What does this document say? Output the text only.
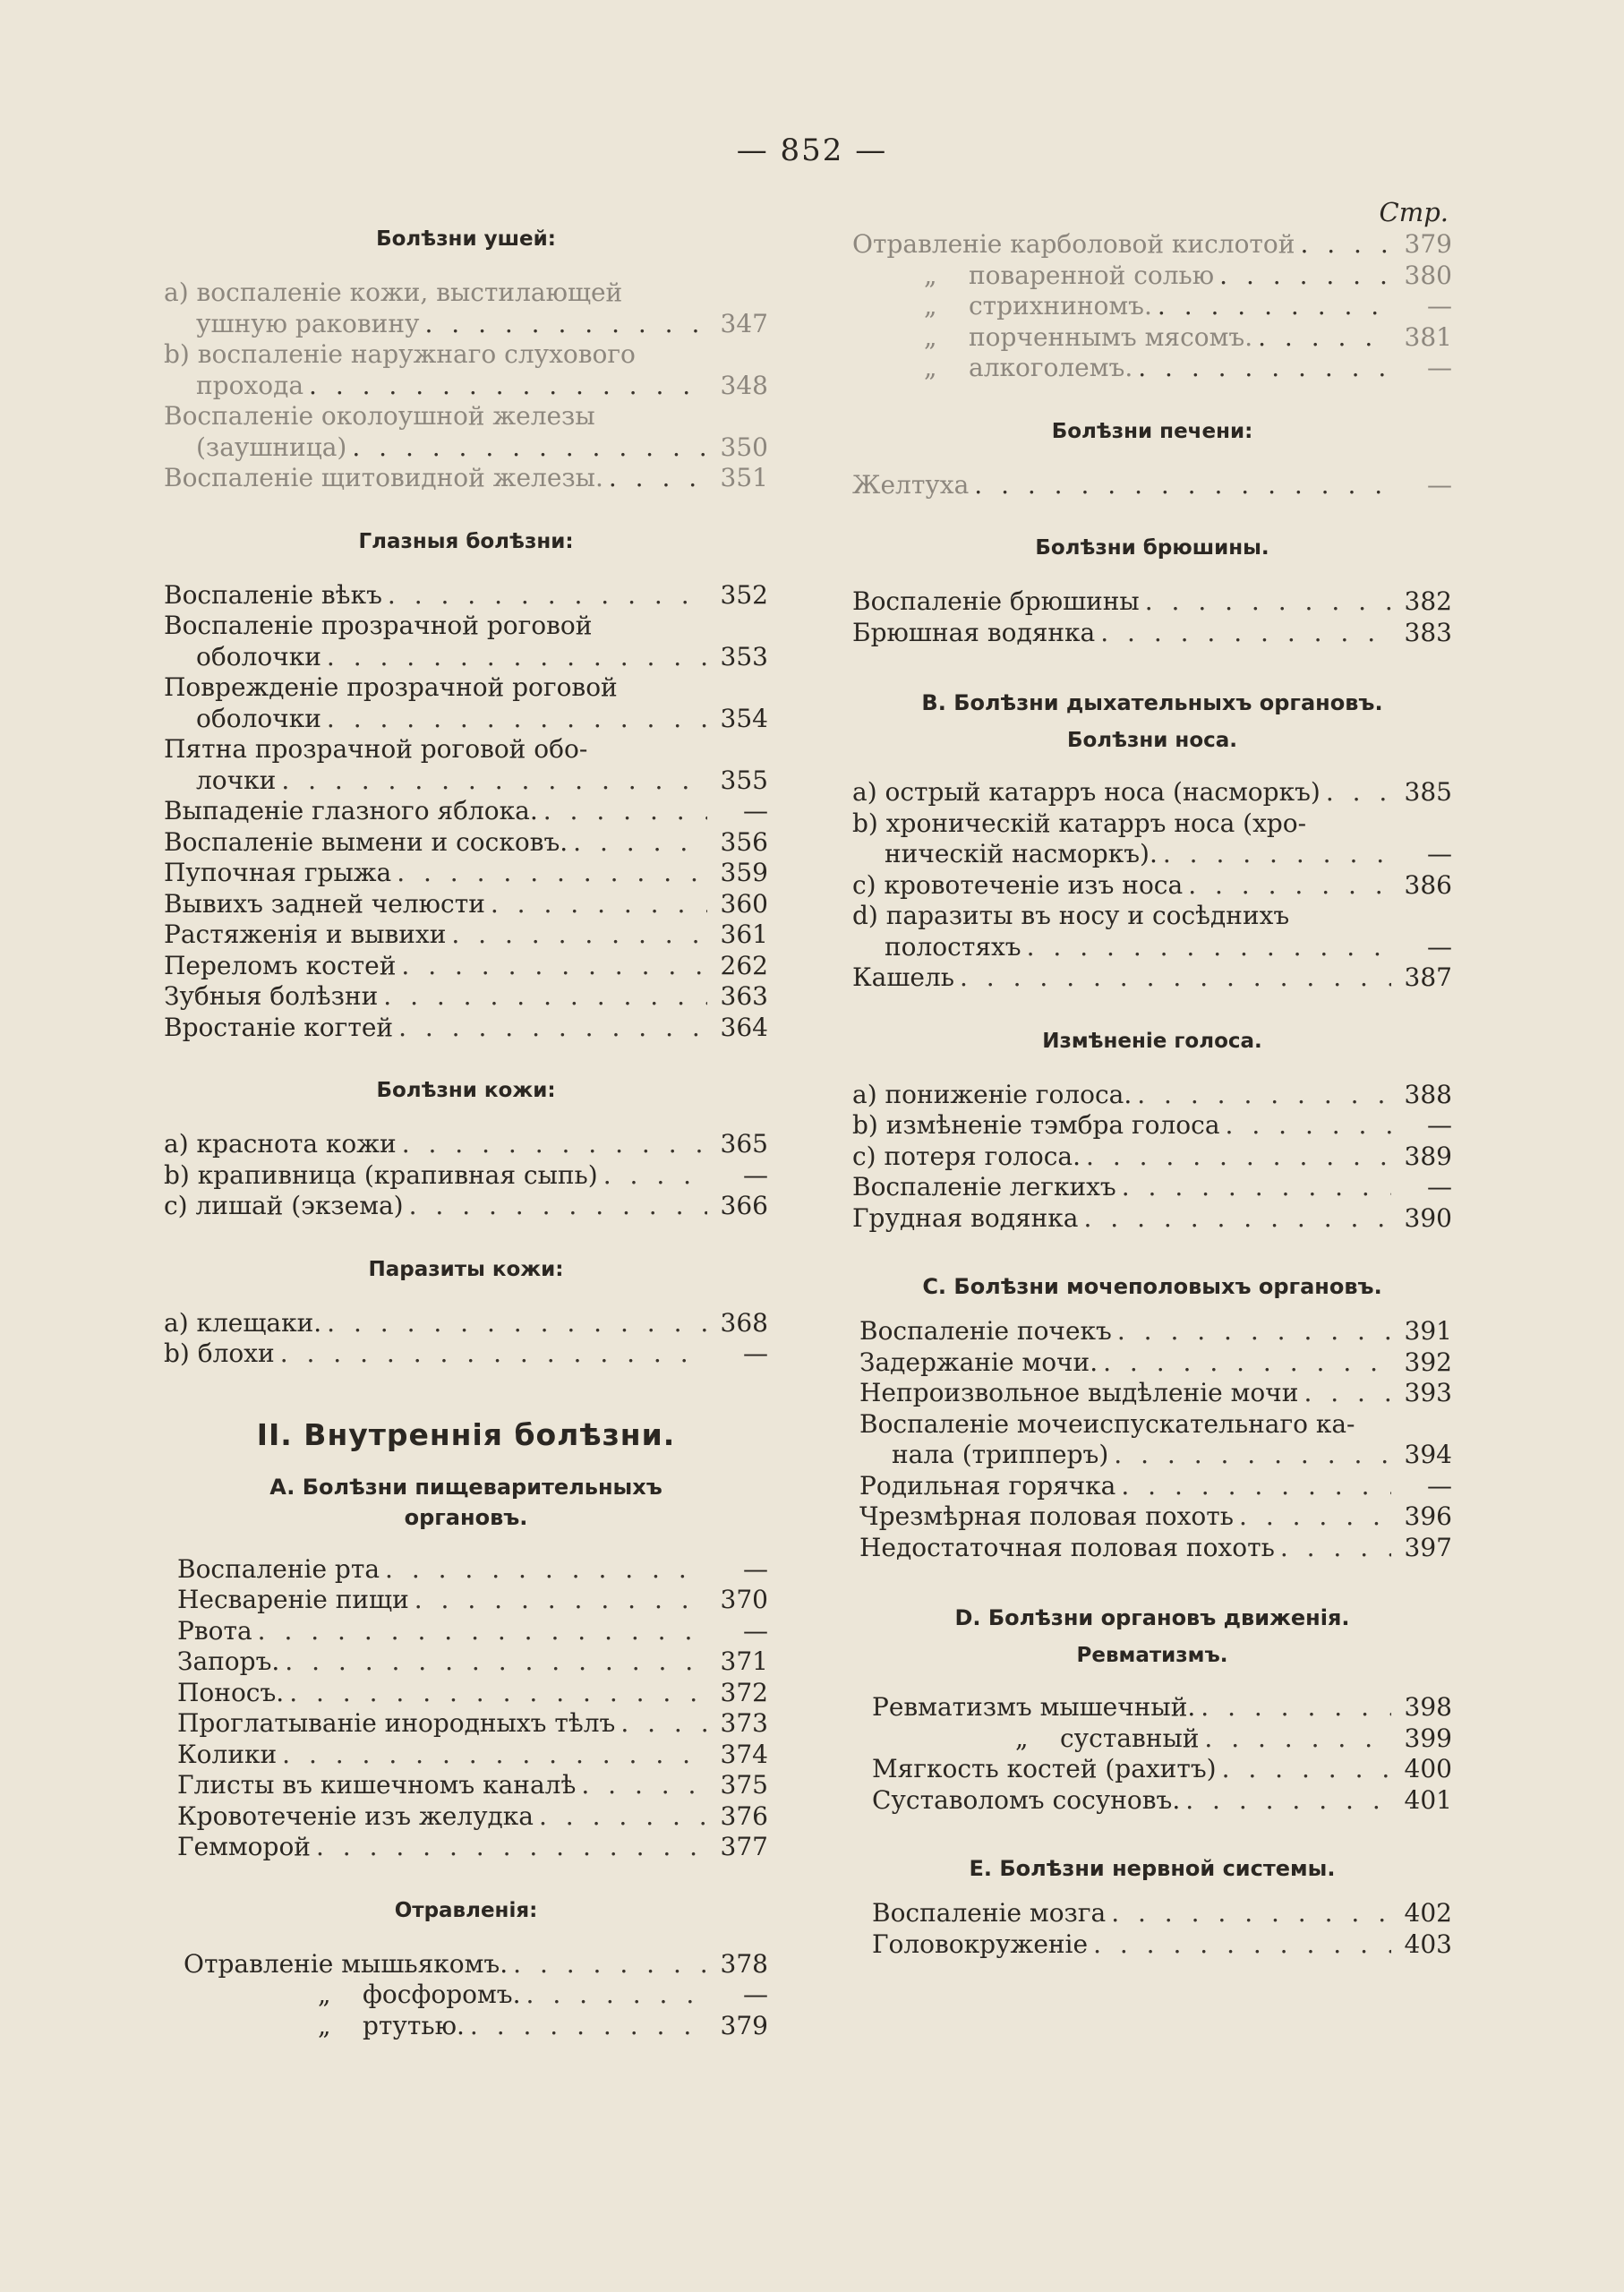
— 852 —
Болѣзни ушей:
a) воспаленіе кожи, выстилающей
ушную раковину . . .	347
b) воспаленіе наружнаго слухового
прохода . . .	348
Воспаленіе околоушной железы
(заушница) . . .	350
Воспаленіе щитовидной железы. . . .	351
Глазныя болѣзни:
Воспаленіе вѣкъ . . .	352
Воспаленіе прозрачной роговой
оболочки . . .	353
Поврежденіе прозрачной роговой
оболочки . . .	354
Пятна прозрачной роговой обо-
лочки . . .	355
Выпаденіе глазного яблока. . . .	—
Воспаленіе вымени и сосковъ. . . .	356
Пупочная грыжа . . .	359
Вывихъ задней челюсти . . .	360
Растяженія и вывихи . . .	361
Переломъ костей . . .	262
Зубныя болѣзни . . .	363
Вростаніе когтей . . .	364
Болѣзни кожи:
a) краснота кожи . . .	365
b) крапивница (крапивная сыпь) . . .	—
c) лишай (экзема) . . .	366
Паразиты кожи:
a) клещаки. . . .	368
b) блохи . . .	—
II. Внутреннія болѣзни.
A. Болѣзни пищеварительныхъ
органовъ.
Воспаленіе рта . . .	—
Несвареніе пищи . . .	370
Рвота . . .	—
Запоръ. . . .	371
Поносъ. . . .	372
Проглатываніе инородныхъ тѣлъ . . .	373
Колики . . .	374
Глисты въ кишечномъ каналѣ . . .	375
Кровотеченіе изъ желудка . . .	376
Гемморой . . .	377
Отравленія:
Отравленіе мышьякомъ. . . .	378
„ фосфоромъ. . . .	—
„ ртутью. . . .	379
Стр.
Отравленіе карболовой кислотой . . .	379
„ поваренной солью . . .	380
„ стрихниномъ. . . .	—
„ порченнымъ мясомъ. . . .	381
„ алкоголемъ. . . .	—
Болѣзни печени:
Желтуха . . .	—
Болѣзни брюшины.
Воспаленіе брюшины . . .	382
Брюшная водянка . . .	383
B. Болѣзни дыхательныхъ органовъ.
Болѣзни носа.
a) острый катарръ носа (насморкъ) . . .	385
b) хроническій катарръ носа (хро-
ническій насморкъ). . . .	—
c) кровотеченіе изъ носа . . .	386
d) паразиты въ носу и сосѣднихъ
полостяхъ . . .	—
Кашель . . .	387
Измѣненіе голоса.
a) пониженіе голоса. . . .	388
b) измѣненіе тэмбра голоса . . .	—
c) потеря голоса. . . .	389
Воспаленіе легкихъ . . .	—
Грудная водянка . . .	390
C. Болѣзни мочеполовыхъ органовъ.
Воспаленіе почекъ . . .	391
Задержаніе мочи. . . .	392
Непроизвольное выдѣленіе мочи . . .	393
Воспаленіе мочеиспускательнаго ка-
нала (трипперъ) . . .	394
Родильная горячка . . .	—
Чрезмѣрная половая похоть . . .	396
Недостаточная половая похоть . . .	397
D. Болѣзни органовъ движенія.
Ревматизмъ.
Ревматизмъ мышечный. . . .	398
„ суставный . . .	399
Мягкость костей (рахитъ) . . .	400
Суставоломъ сосуновъ. . . .	401
E. Болѣзни нервной системы.
Воспаленіе мозга . . .	402
Головокруженіе . . .	403
